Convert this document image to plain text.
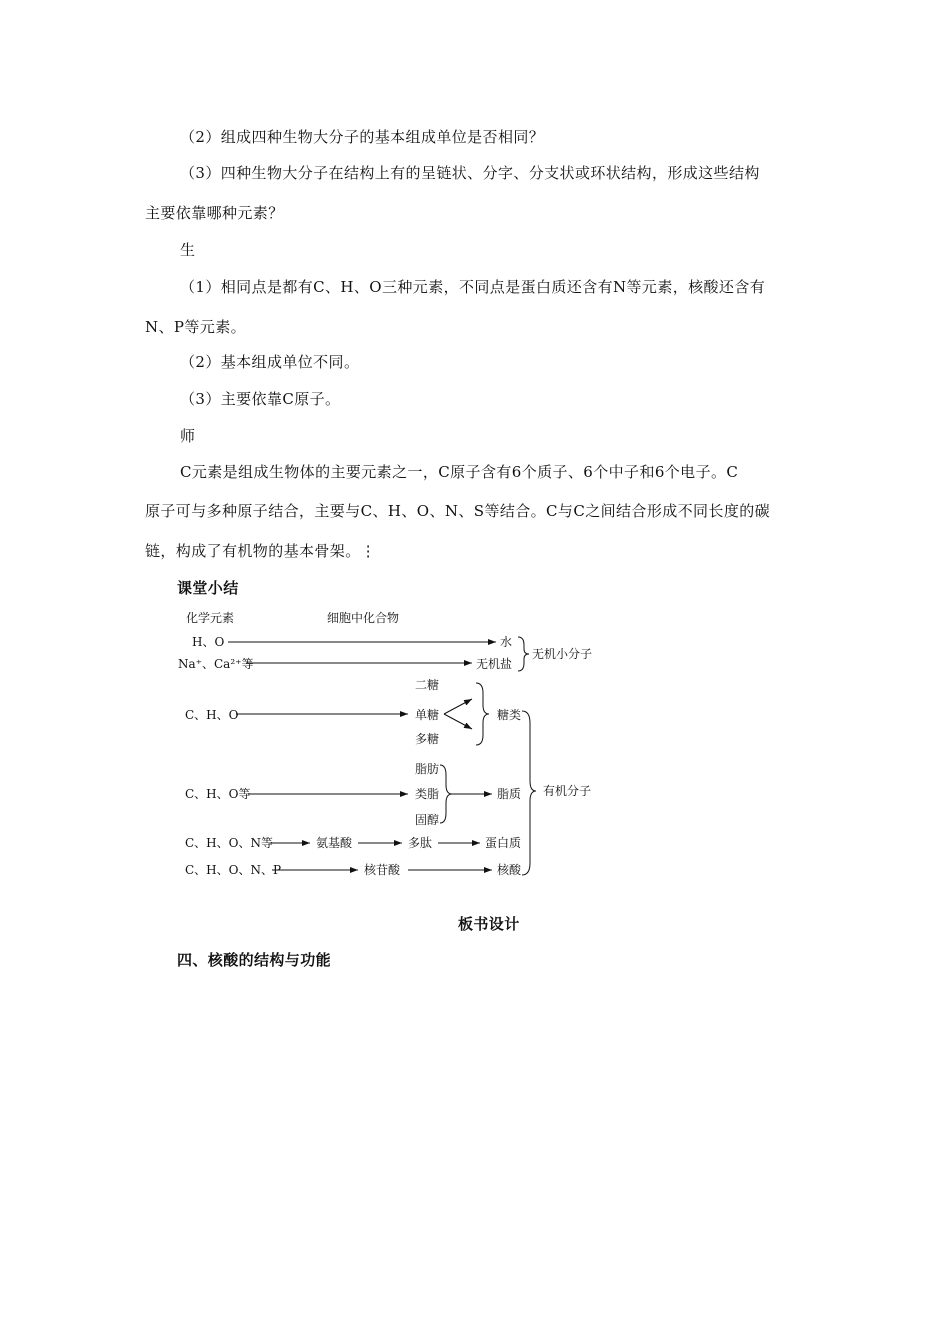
（2）组成四种生物大分子的基本组成单位是否相同？
（3）四种生物大分子在结构上有的呈链状、分字、分支状或环状结构，形成这些结构
主要依靠哪种元素？
生
（1）相同点是都有C、H、O三种元素，不同点是蛋白质还含有N等元素，核酸还含有
N、P等元素。
（2）基本组成单位不同。
（3）主要依靠C原子。
师
C元素是组成生物体的主要元素之一，C原子含有6个质子、6个中子和6个电子。C
原子可与多种原子结合，主要与C、H、O、N、S等结合。C与C之间结合形成不同长度的碳
链，构成了有机物的基本骨架。⋮
课堂小结
化学元素	细胞中化合物
H、O	水
Na⁺、Ca²⁺等	无机盐
无机小分子
C、H、O
二糖
单糖
多糖
糖类
脂肪
类脂
固醇
C、H、O等	脂质
C、H、O、N等	氨基酸	多肽	蛋白质
C、H、O、N、P	核苷酸	核酸
有机分子
板书设计
四、核酸的结构与功能
